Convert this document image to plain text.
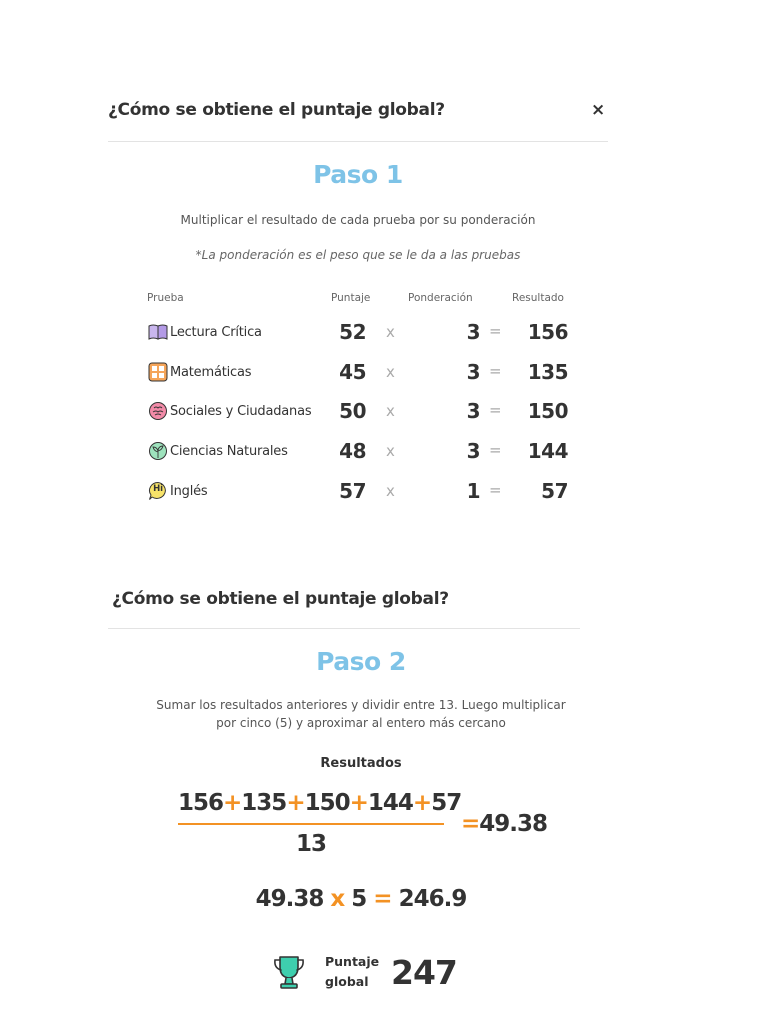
¿Cómo se obtiene el puntaje global?	×
Paso 1
Multiplicar el resultado de cada prueba por su ponderación
*La ponderación es el peso que se le da a las pruebas
Prueba	Puntaje	Ponderación	Resultado
Lectura Crítica	52 x	3 =	156
Matemáticas	45 x	3 =	135
Sociales y Ciudadanas	50 x	3 =	150
Ciencias Naturales	48 x	3 =	144
Hi Inglés	57 x	1 =	57
¿Cómo se obtiene el puntaje global?
Paso 2
Sumar los resultados anteriores y dividir entre 13. Luego multiplicar
por cinco (5) y aproximar al entero más cercano
Resultados
156+135+150+144+57
13
=49.38
49.38 x 5 = 246.9
Puntaje
global 247
